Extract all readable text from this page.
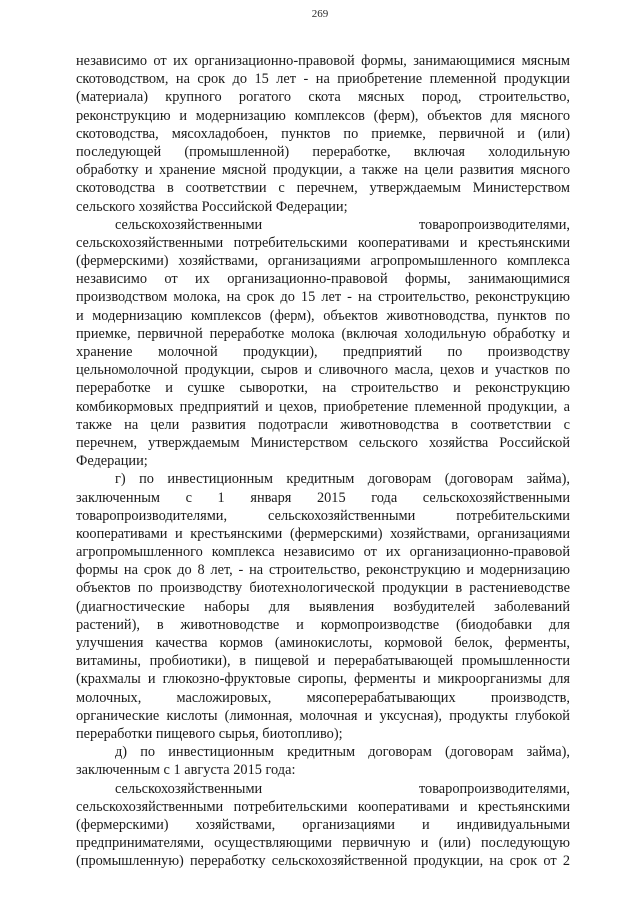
269
независимо от их организационно-правовой формы, занимающимися мясным
скотоводством, на срок до 15 лет - на приобретение племенной продукции
(материала) крупного рогатого скота мясных пород, строительство,
реконструкцию и модернизацию комплексов (ферм), объектов для мясного
скотоводства, мясохладобоен, пунктов по приемке, первичной и (или)
последующей (промышленной) переработке, включая холодильную
обработку и хранение мясной продукции, а также на цели развития мясного
скотоводства в соответствии с перечнем, утверждаемым Министерством
сельского хозяйства Российской Федерации;
сельскохозяйственными товаропроизводителями,
сельскохозяйственными потребительскими кооперативами и крестьянскими
(фермерскими) хозяйствами, организациями агропромышленного комплекса
независимо от их организационно-правовой формы, занимающимися
производством молока, на срок до 15 лет - на строительство, реконструкцию
и модернизацию комплексов (ферм), объектов животноводства, пунктов по
приемке, первичной переработке молока (включая холодильную обработку и
хранение молочной продукции), предприятий по производству
цельномолочной продукции, сыров и сливочного масла, цехов и участков по
переработке и сушке сыворотки, на строительство и реконструкцию
комбикормовых предприятий и цехов, приобретение племенной продукции, а
также на цели развития подотрасли животноводства в соответствии с
перечнем, утверждаемым Министерством сельского хозяйства Российской
Федерации;
г) по инвестиционным кредитным договорам (договорам займа),
заключенным с 1 января 2015 года сельскохозяйственными
товаропроизводителями, сельскохозяйственными потребительскими
кооперативами и крестьянскими (фермерскими) хозяйствами, организациями
агропромышленного комплекса независимо от их организационно-правовой
формы на срок до 8 лет, - на строительство, реконструкцию и модернизацию
объектов по производству биотехнологической продукции в растениеводстве
(диагностические наборы для выявления возбудителей заболеваний
растений), в животноводстве и кормопроизводстве (биодобавки для
улучшения качества кормов (аминокислоты, кормовой белок, ферменты,
витамины, пробиотики), в пищевой и перерабатывающей промышленности
(крахмалы и глюкозно-фруктовые сиропы, ферменты и микроорганизмы для
молочных, масложировых, мясоперерабатывающих производств,
органические кислоты (лимонная, молочная и уксусная), продукты глубокой
переработки пищевого сырья, биотопливо);
д) по инвестиционным кредитным договорам (договорам займа),
заключенным с 1 августа 2015 года:
сельскохозяйственными товаропроизводителями,
сельскохозяйственными потребительскими кооперативами и крестьянскими
(фермерскими) хозяйствами, организациями и индивидуальными
предпринимателями, осуществляющими первичную и (или) последующую
(промышленную) переработку сельскохозяйственной продукции, на срок от 2
